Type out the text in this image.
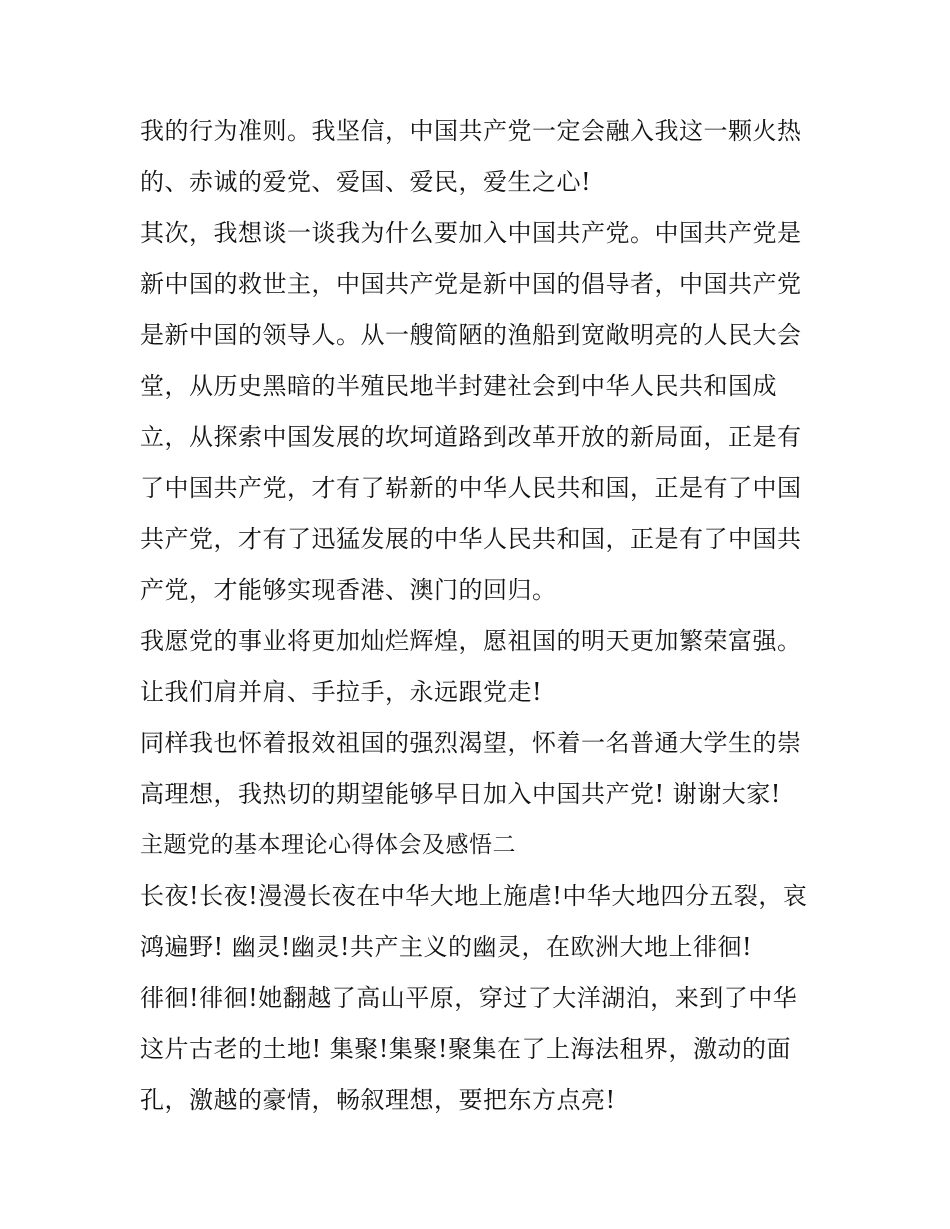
我的行为准则。我坚信，中国共产党一定会融入我这一颗火热
的、赤诚的爱党、爱国、爱民，爱生之心!
其次，我想谈一谈我为什么要加入中国共产党。中国共产党是
新中国的救世主，中国共产党是新中国的倡导者，中国共产党
是新中国的领导人。从一艘简陋的渔船到宽敞明亮的人民大会
堂，从历史黑暗的半殖民地半封建社会到中华人民共和国成
立，从探索中国发展的坎坷道路到改革开放的新局面，正是有
了中国共产党，才有了崭新的中华人民共和国，正是有了中国
共产党，才有了迅猛发展的中华人民共和国，正是有了中国共
产党，才能够实现香港、澳门的回归。
我愿党的事业将更加灿烂辉煌，愿祖国的明天更加繁荣富强。
让我们肩并肩、手拉手，永远跟党走!
同样我也怀着报效祖国的强烈渴望，怀着一名普通大学生的崇
高理想，我热切的期望能够早日加入中国共产党! 谢谢大家!
主题党的基本理论心得体会及感悟二
长夜!长夜!漫漫长夜在中华大地上施虐!中华大地四分五裂，哀
鸿遍野! 幽灵!幽灵!共产主义的幽灵，在欧洲大地上徘徊!
徘徊!徘徊!她翻越了高山平原，穿过了大洋湖泊，来到了中华
这片古老的土地! 集聚!集聚!聚集在了上海法租界，激动的面
孔，激越的豪情，畅叙理想，要把东方点亮!
